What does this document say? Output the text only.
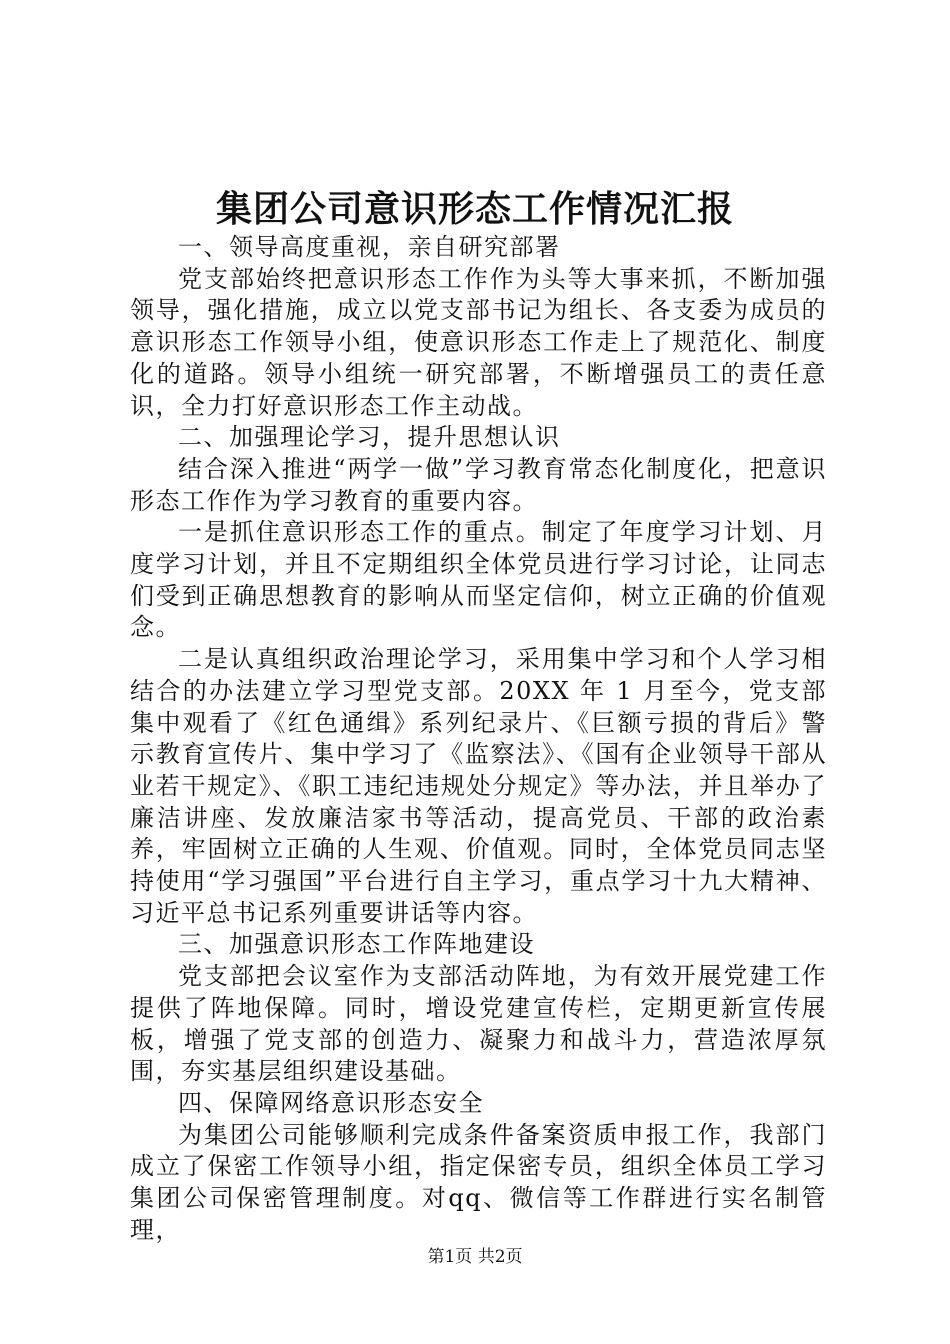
集团公司意识形态工作情况汇报

一、领导高度重视，亲自研究部署

党支部始终把意识形态工作作为头等大事来抓，不断加强领导，强化措施，成立以党支部书记为组长、各支委为成员的意识形态工作领导小组，使意识形态工作走上了规范化、制度化的道路。领导小组统一研究部署，不断增强员工的责任意识，全力打好意识形态工作主动战。

二、加强理论学习，提升思想认识

结合深入推进“两学一做”学习教育常态化制度化，把意识形态工作作为学习教育的重要内容。

一是抓住意识形态工作的重点。制定了年度学习计划、月度学习计划，并且不定期组织全体党员进行学习讨论，让同志们受到正确思想教育的影响从而坚定信仰，树立正确的价值观念。

二是认真组织政治理论学习，采用集中学习和个人学习相结合的办法建立学习型党支部。20XX 年 1 月至今，党支部集中观看了《红色通缉》系列纪录片、《巨额亏损的背后》警示教育宣传片、集中学习了《监察法》、《国有企业领导干部从业若干规定》、《职工违纪违规处分规定》等办法，并且举办了廉洁讲座、发放廉洁家书等活动，提高党员、干部的政治素养，牢固树立正确的人生观、价值观。同时，全体党员同志坚持使用“学习强国”平台进行自主学习，重点学习十九大精神、习近平总书记系列重要讲话等内容。

三、加强意识形态工作阵地建设

党支部把会议室作为支部活动阵地，为有效开展党建工作提供了阵地保障。同时，增设党建宣传栏，定期更新宣传展板，增强了党支部的创造力、凝聚力和战斗力，营造浓厚氛围，夯实基层组织建设基础。

四、保障网络意识形态安全

为集团公司能够顺利完成条件备案资质申报工作，我部门成立了保密工作领导小组，指定保密专员，组织全体员工学习集团公司保密管理制度。对qq、微信等工作群进行实名制管理，

第1页 共2页
